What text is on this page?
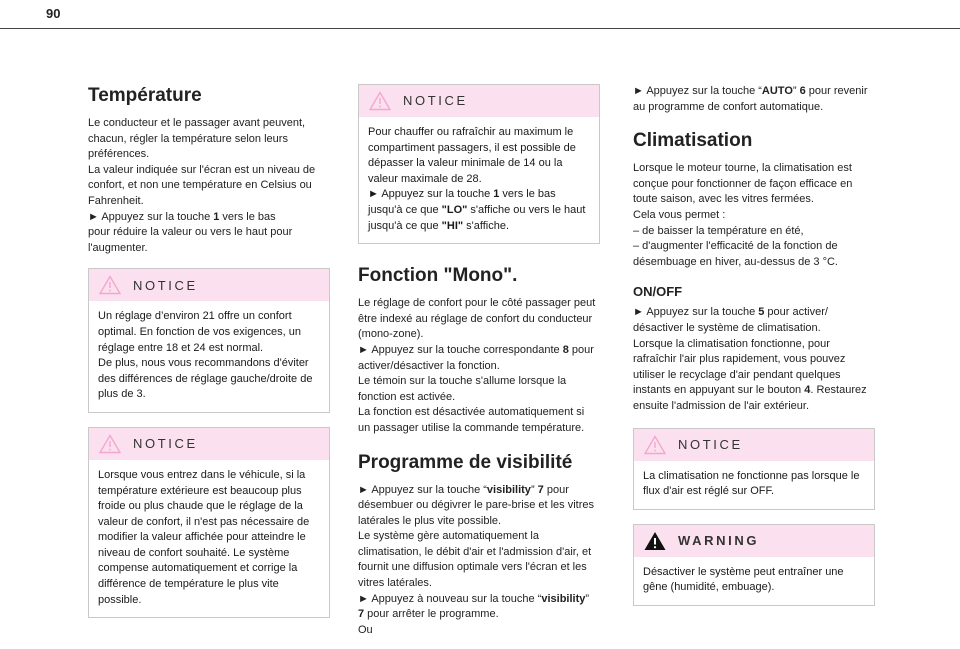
90
Température

Le conducteur et le passager avant peuvent,
chacun, régler la température selon leurs
préférences.
La valeur indiquée sur l'écran est un niveau de
confort, et non une température en Celsius ou
Fahrenheit.
► Appuyez sur la touche 1 vers le bas
pour réduire la valeur ou vers le haut pour
l'augmenter.

NOTICE
Un réglage d’environ 21 offre un confort
optimal. En fonction de vos exigences, un
réglage entre 18 et 24 est normal.
De plus, nous vous recommandons d'éviter
des différences de réglage gauche/droite de
plus de 3.
NOTICE
Lorsque vous entrez dans le véhicule, si la
température extérieure est beaucoup plus
froide ou plus chaude que le réglage de la
valeur de confort, il n'est pas nécessaire de
modifier la valeur affichée pour atteindre le
niveau de confort souhaité. Le système
compense automatiquement et corrige la
différence de température le plus vite
possible.
NOTICE
Pour chauffer ou rafraîchir au maximum le
compartiment passagers, il est possible de
dépasser la valeur minimale de 14 ou la
valeur maximale de 28.
► Appuyez sur la touche 1 vers le bas
jusqu'à ce que "LO" s'affiche ou vers le haut
jusqu'à ce que "HI" s'affiche.
Fonction "Mono".

Le réglage de confort pour le côté passager peut
être indexé au réglage de confort du conducteur
(mono-zone).
► Appuyez sur la touche correspondante 8 pour
activer/désactiver la fonction.
Le témoin sur la touche s'allume lorsque la
fonction est activée.
La fonction est désactivée automatiquement si
un passager utilise la commande température.

Programme de visibilité

► Appuyez sur la touche “visibility” 7 pour
désembuer ou dégivrer le pare-brise et les vitres
latérales le plus vite possible.
Le système gère automatiquement la
climatisation, le débit d'air et l'admission d'air, et
fournit une diffusion optimale vers l'écran et les
vitres latérales.
► Appuyez à nouveau sur la touche “visibility”
7 pour arrêter le programme.
Ou

► Appuyez sur la touche “AUTO” 6 pour revenir
au programme de confort automatique.

Climatisation

Lorsque le moteur tourne, la climatisation est
conçue pour fonctionner de façon efficace en
toute saison, avec les vitres fermées.
Cela vous permet :
– de baisser la température en été,
– d'augmenter l'efficacité de la fonction de
désembuage en hiver, au-dessus de 3 °C.

ON/OFF

► Appuyez sur la touche 5 pour activer/
désactiver le système de climatisation.
Lorsque la climatisation fonctionne, pour
rafraîchir l'air plus rapidement, vous pouvez
utiliser le recyclage d'air pendant quelques
instants en appuyant sur le bouton 4. Restaurez
ensuite l'admission de l'air extérieur.

NOTICE
La climatisation ne fonctionne pas lorsque le
flux d'air est réglé sur OFF.
WARNING
Désactiver le système peut entraîner une
gêne (humidité, embuage).
